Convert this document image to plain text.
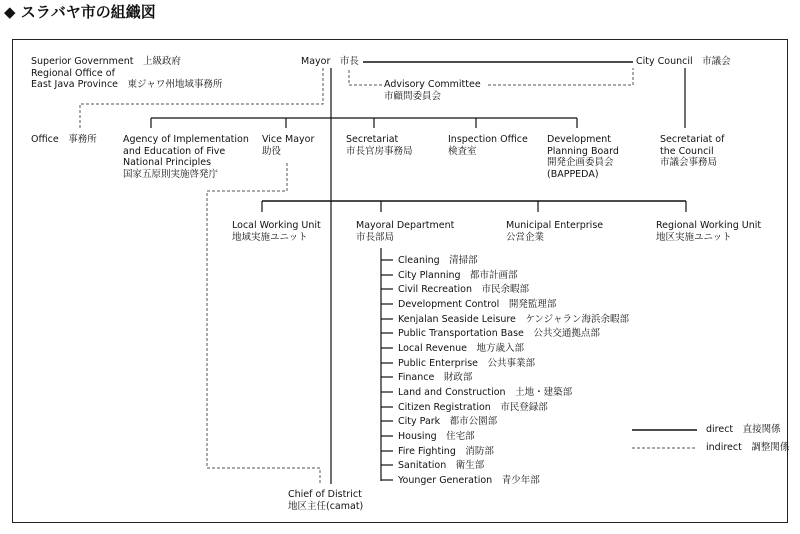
◆ スラバヤ市の組織図
Superior Government　上級政府
Regional Office of
East Java Province　東ジャワ州地域事務所
Mayor　市長	City Council　市議会
Advisory Committee
市顧問委員会
Office　事務所	Agency of Implementation
and Education of Five
National Principles
国家五原則実施啓発庁
Vice Mayor
助役
Secretariat
市長官房事務局
Inspection Office
検査室
Development
Planning Board
開発企画委員会
(BAPPEDA)
Secretariat of
the Council
市議会事務局
Local Working Unit
地域実施ユニット
Mayoral Department
市長部局
Municipal Enterprise
公営企業
Regional Working Unit
地区実施ユニット
Cleaning　清掃部
City Planning　都市計画部
Civil Recreation　市民余暇部
Development Control　開発監理部
Kenjalan Seaside Leisure　ケンジャラン海浜余暇部
Public Transportation Base　公共交通拠点部
Local Revenue　地方歳入部
Public Enterprise　公共事業部
Finance　財政部
Land and Construction　土地・建築部
Citizen Registration　市民登録部
City Park　都市公園部
Housing　住宅部
Fire Fighting　消防部
Sanitation　衛生部
Younger Generation　青少年部
Chief of District
地区主任(camat)
direct　直接関係
indirect　調整関係
